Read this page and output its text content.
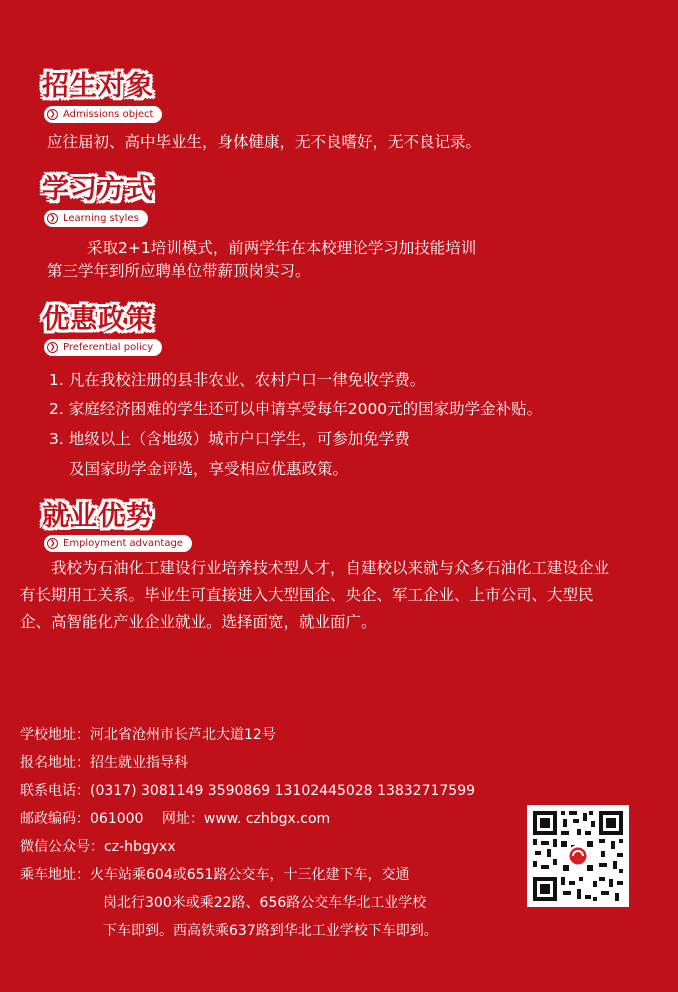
招生对象
❯ Admissions object
应往届初、高中毕业生，身体健康，无不良嗜好，无不良记录。
学习方式
❯ Learning styles
采取2+1培训模式，前两学年在本校理论学习加技能培训
第三学年到所应聘单位带薪顶岗实习。
优惠政策
❯ Preferential policy
1. 凡在我校注册的县非农业、农村户口一律免收学费。
2. 家庭经济困难的学生还可以申请享受每年2000元的国家助学金补贴。
3. 地级以上（含地级）城市户口学生，可参加免学费
及国家助学金评选，享受相应优惠政策。
就业优势
❯ Employment advantage
我校为石油化工建设行业培养技术型人才，自建校以来就与众多石油化工建设企业有长期用工关系。毕业生可直接进入大型国企、央企、军工企业、上市公司、大型民企、高智能化产业企业就业。选择面宽，就业面广。
学校地址：河北省沧州市长芦北大道12号
报名地址：招生就业指导科
联系电话：(0317) 3081149 3590869 13102445028 13832717599
邮政编码：061000　 网址：www. czhbgx.com
微信公众号：cz-hbgyxx
乘车地址：火车站乘604或651路公交车，十三化建下车，交通
岗北行300米或乘22路、656路公交车华北工业学校
下车即到。西高铁乘637路到华北工业学校下车即到。
